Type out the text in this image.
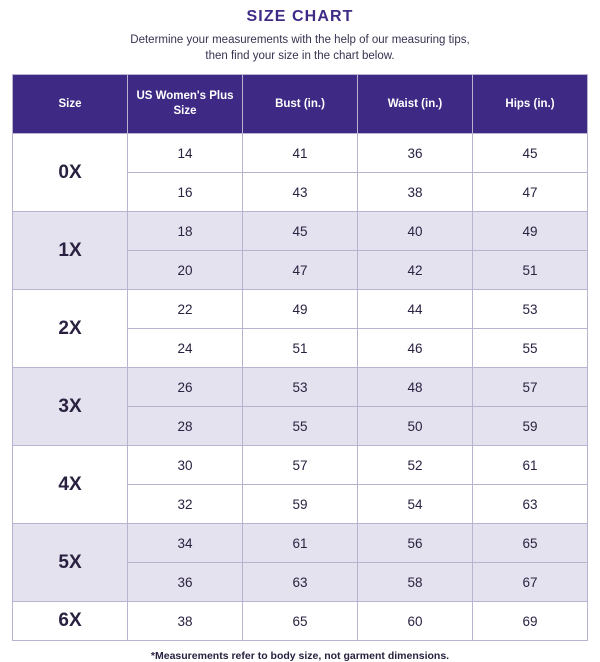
SIZE CHART
Determine your measurements with the help of our measuring tips,
then find your size in the chart below.
Size	US Women's Plus Size	Bust (in.)	Waist (in.)	Hips (in.)
0X	14	41	36	45
	16	43	38	47
1X	18	45	40	49
	20	47	42	51
2X	22	49	44	53
	24	51	46	55
3X	26	53	48	57
	28	55	50	59
4X	30	57	52	61
	32	59	54	63
5X	34	61	56	65
	36	63	58	67
6X	38	65	60	69
*Measurements refer to body size, not garment dimensions.
